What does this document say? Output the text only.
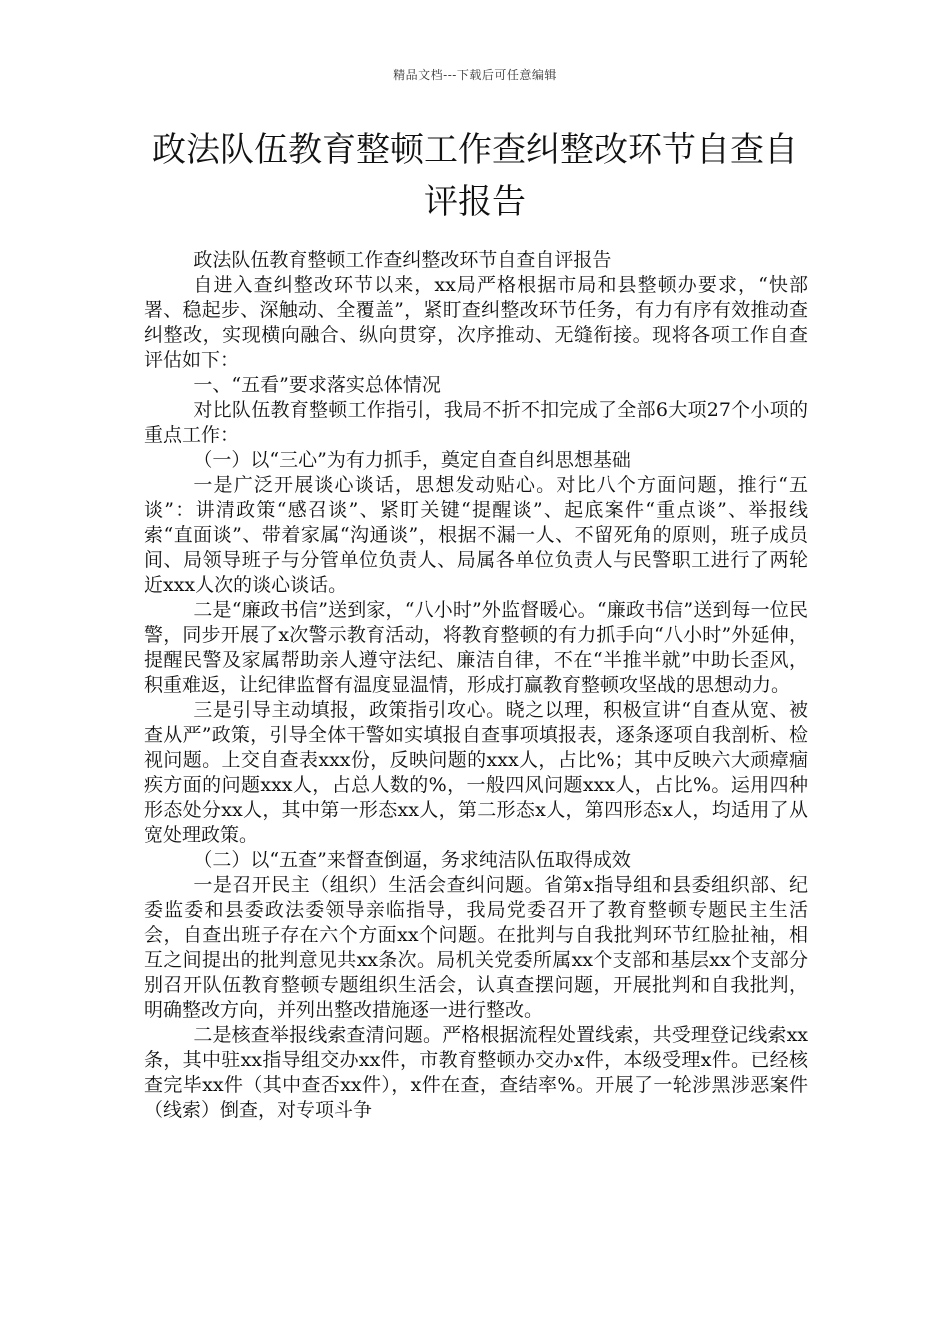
精品文档---下载后可任意编辑
政法队伍教育整顿工作查纠整改环节自查自评报告

政法队伍教育整顿工作查纠整改环节自查自评报告

自进入查纠整改环节以来，xx局严格根据市局和县整顿办要求，“快部署、稳起步、深触动、全覆盖”，紧盯查纠整改环节任务，有力有序有效推动查纠整改，实现横向融合、纵向贯穿，次序推动、无缝衔接。现将各项工作自查评估如下：

一、“五看”要求落实总体情况

对比队伍教育整顿工作指引，我局不折不扣完成了全部6大项27个小项的重点工作：

（一）以“三心”为有力抓手，奠定自查自纠思想基础

一是广泛开展谈心谈话，思想发动贴心。对比八个方面问题，推行“五谈”：讲清政策“感召谈”、紧盯关键“提醒谈”、起底案件“重点谈”、举报线索“直面谈”、带着家属“沟通谈”，根据不漏一人、不留死角的原则，班子成员间、局领导班子与分管单位负责人、局属各单位负责人与民警职工进行了两轮近xxx人次的谈心谈话。

二是“廉政书信”送到家，“八小时”外监督暖心。“廉政书信”送到每一位民警，同步开展了x次警示教育活动，将教育整顿的有力抓手向“八小时”外延伸，提醒民警及家属帮助亲人遵守法纪、廉洁自律，不在“半推半就”中助长歪风，积重难返，让纪律监督有温度显温情，形成打赢教育整顿攻坚战的思想动力。

三是引导主动填报，政策指引攻心。晓之以理，积极宣讲“自查从宽、被查从严”政策，引导全体干警如实填报自查事项填报表，逐条逐项自我剖析、检视问题。上交自查表xxx份，反映问题的xxx人，占比%；其中反映六大顽瘴痼疾方面的问题xxx人，占总人数的%，一般四风问题xxx人，占比%。运用四种形态处分xx人，其中第一形态xx人，第二形态x人，第四形态x人，均适用了从宽处理政策。

（二）以“五查”来督查倒逼，务求纯洁队伍取得成效

一是召开民主（组织）生活会查纠问题。省第x指导组和县委组织部、纪委监委和县委政法委领导亲临指导，我局党委召开了教育整顿专题民主生活会，自查出班子存在六个方面xx个问题。在批判与自我批判环节红脸扯袖，相互之间提出的批判意见共xx条次。局机关党委所属xx个支部和基层xx个支部分别召开队伍教育整顿专题组织生活会，认真查摆问题，开展批判和自我批判，明确整改方向，并列出整改措施逐一进行整改。

二是核查举报线索查清问题。严格根据流程处置线索，共受理登记线索xx条，其中驻xx指导组交办xx件，市教育整顿办交办x件，本级受理x件。已经核查完毕xx件（其中查否xx件），x件在查，查结率%。开展了一轮涉黑涉恶案件（线索）倒查，对专项斗争
